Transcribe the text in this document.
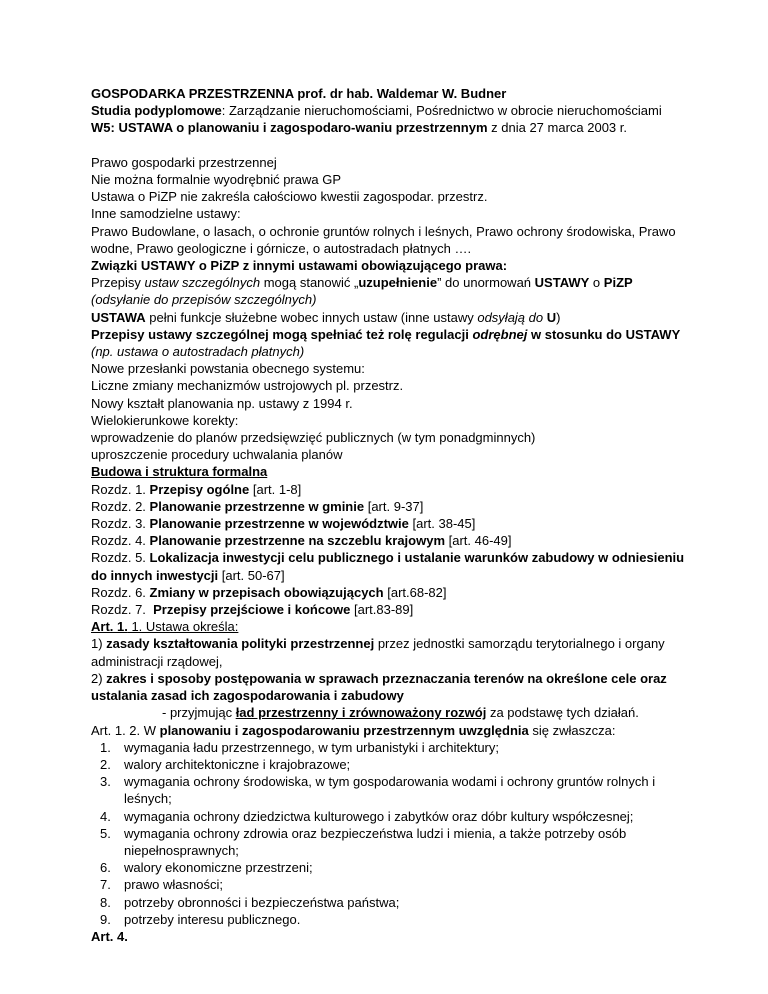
GOSPODARKA PRZESTRZENNA prof. dr hab. Waldemar W. Budner
Studia podyplomowe: Zarządzanie nieruchomościami, Pośrednictwo w obrocie nieruchomościami
W5: USTAWA o planowaniu i zagospodaro-waniu przestrzennym z dnia 27 marca 2003 r.
Prawo gospodarki przestrzennej
Nie można formalnie wyodrębnić prawa GP
Ustawa o PiZP nie zakreśla całościowo kwestii zagospodar. przestrz.
Inne samodzielne ustawy:
Prawo Budowlane, o lasach, o ochronie gruntów rolnych i leśnych, Prawo ochrony środowiska, Prawo wodne, Prawo geologiczne i górnicze, o autostradach płatnych ….
Związki USTAWY o PiZP z innymi ustawami obowiązującego prawa:
Przepisy ustaw szczególnych mogą stanowić „uzupełnienie” do unormowań USTAWY o PiZP
(odsyłanie do przepisów szczególnych)
USTAWA pełni funkcje służebne wobec innych ustaw (inne ustawy odsyłają do U)
Przepisy ustawy szczególnej mogą spełniać też rolę regulacji odrębnej w stosunku do USTAWY (np. ustawa o autostradach płatnych)
Nowe przesłanki powstania obecnego systemu:
Liczne zmiany mechanizmów ustrojowych pl. przestrz.
Nowy kształt planowania np. ustawy z 1994 r.
Wielokierunkowe korekty:
wprowadzenie do planów przedsięwzięć publicznych (w tym ponadgminnych)
uproszczenie procedury uchwalania planów
Budowa i struktura formalna
Rozdz. 1. Przepisy ogólne [art. 1-8]
Rozdz. 2. Planowanie przestrzenne w gminie [art. 9-37]
Rozdz. 3. Planowanie przestrzenne w województwie [art. 38-45]
Rozdz. 4. Planowanie przestrzenne na szczeblu krajowym [art. 46-49]
Rozdz. 5. Lokalizacja inwestycji celu publicznego i ustalanie warunków zabudowy w odniesieniu do innych inwestycji [art. 50-67]
Rozdz. 6. Zmiany w przepisach obowiązujących [art.68-82]
Rozdz. 7.  Przepisy przejściowe i końcowe [art.83-89]
Art. 1. 1. Ustawa określa:
1) zasady kształtowania polityki przestrzennej przez jednostki samorządu terytorialnego i organy administracji rządowej,
2) zakres i sposoby postępowania w sprawach przeznaczania terenów na określone cele oraz ustalania zasad ich zagospodarowania i zabudowy
- przyjmując ład przestrzenny i zrównoważony rozwój za podstawę tych działań.
Art. 1. 2. W planowaniu i zagospodarowaniu przestrzennym uwzględnia się zwłaszcza:
1. wymagania ładu przestrzennego, w tym urbanistyki i architektury;
2. walory architektoniczne i krajobrazowe;
3. wymagania ochrony środowiska, w tym gospodarowania wodami i ochrony gruntów rolnych i leśnych;
4. wymagania ochrony dziedzictwa kulturowego i zabytków oraz dóbr kultury współczesnej;
5. wymagania ochrony zdrowia oraz bezpieczeństwa ludzi i mienia, a także potrzeby osób niepełnosprawnych;
6. walory ekonomiczne przestrzeni;
7. prawo własności;
8. potrzeby obronności i bezpieczeństwa państwa;
9. potrzeby interesu publicznego.
Art. 4.
